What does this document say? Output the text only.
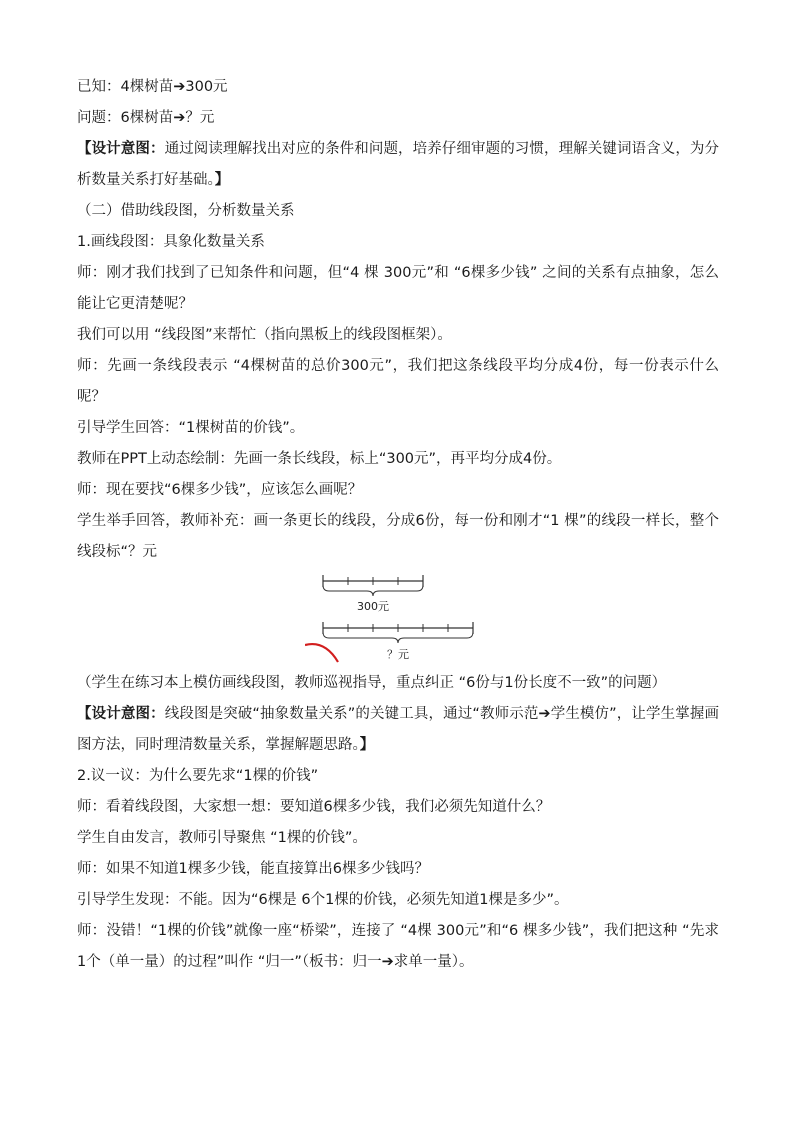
已知：4棵树苗➔300元

问题：6棵树苗➔？元

【设计意图：通过阅读理解找出对应的条件和问题，培养仔细审题的习惯，理解关键词语含义，为分析数量关系打好基础。】

（二）借助线段图，分析数量关系

1.画线段图：具象化数量关系

师：刚才我们找到了已知条件和问题，但“4 棵 300元”和 “6棵多少钱” 之间的关系有点抽象，怎么能让它更清楚呢？

我们可以用 “线段图”来帮忙（指向黑板上的线段图框架）。

师：先画一条线段表示 “4棵树苗的总价300元”，我们把这条线段平均分成4份，每一份表示什么呢？

引导学生回答：“1棵树苗的价钱”。

教师在PPT上动态绘制：先画一条长线段，标上“300元”，再平均分成4份。

师：现在要找“6棵多少钱”，应该怎么画呢？

学生举手回答，教师补充：画一条更长的线段，分成6份，每一份和刚才“1 棵”的线段一样长，整个线段标“？元

300元
？元

（学生在练习本上模仿画线段图，教师巡视指导，重点纠正 “6份与1份长度不一致”的问题）

【设计意图：线段图是突破“抽象数量关系”的关键工具，通过“教师示范➔学生模仿”，让学生掌握画图方法，同时理清数量关系，掌握解题思路。】

2.议一议：为什么要先求“1棵的价钱”

师：看着线段图，大家想一想：要知道6棵多少钱，我们必须先知道什么？

学生自由发言，教师引导聚焦 “1棵的价钱”。

师：如果不知道1棵多少钱，能直接算出6棵多少钱吗？

引导学生发现：不能。因为“6棵是 6个1棵的价钱，必须先知道1棵是多少”。

师：没错！“1棵的价钱”就像一座“桥梁”，连接了 “4棵 300元”和“6 棵多少钱”，我们把这种 “先求1个（单一量）的过程”叫作 “归一”（板书：归一➔求单一量）。
